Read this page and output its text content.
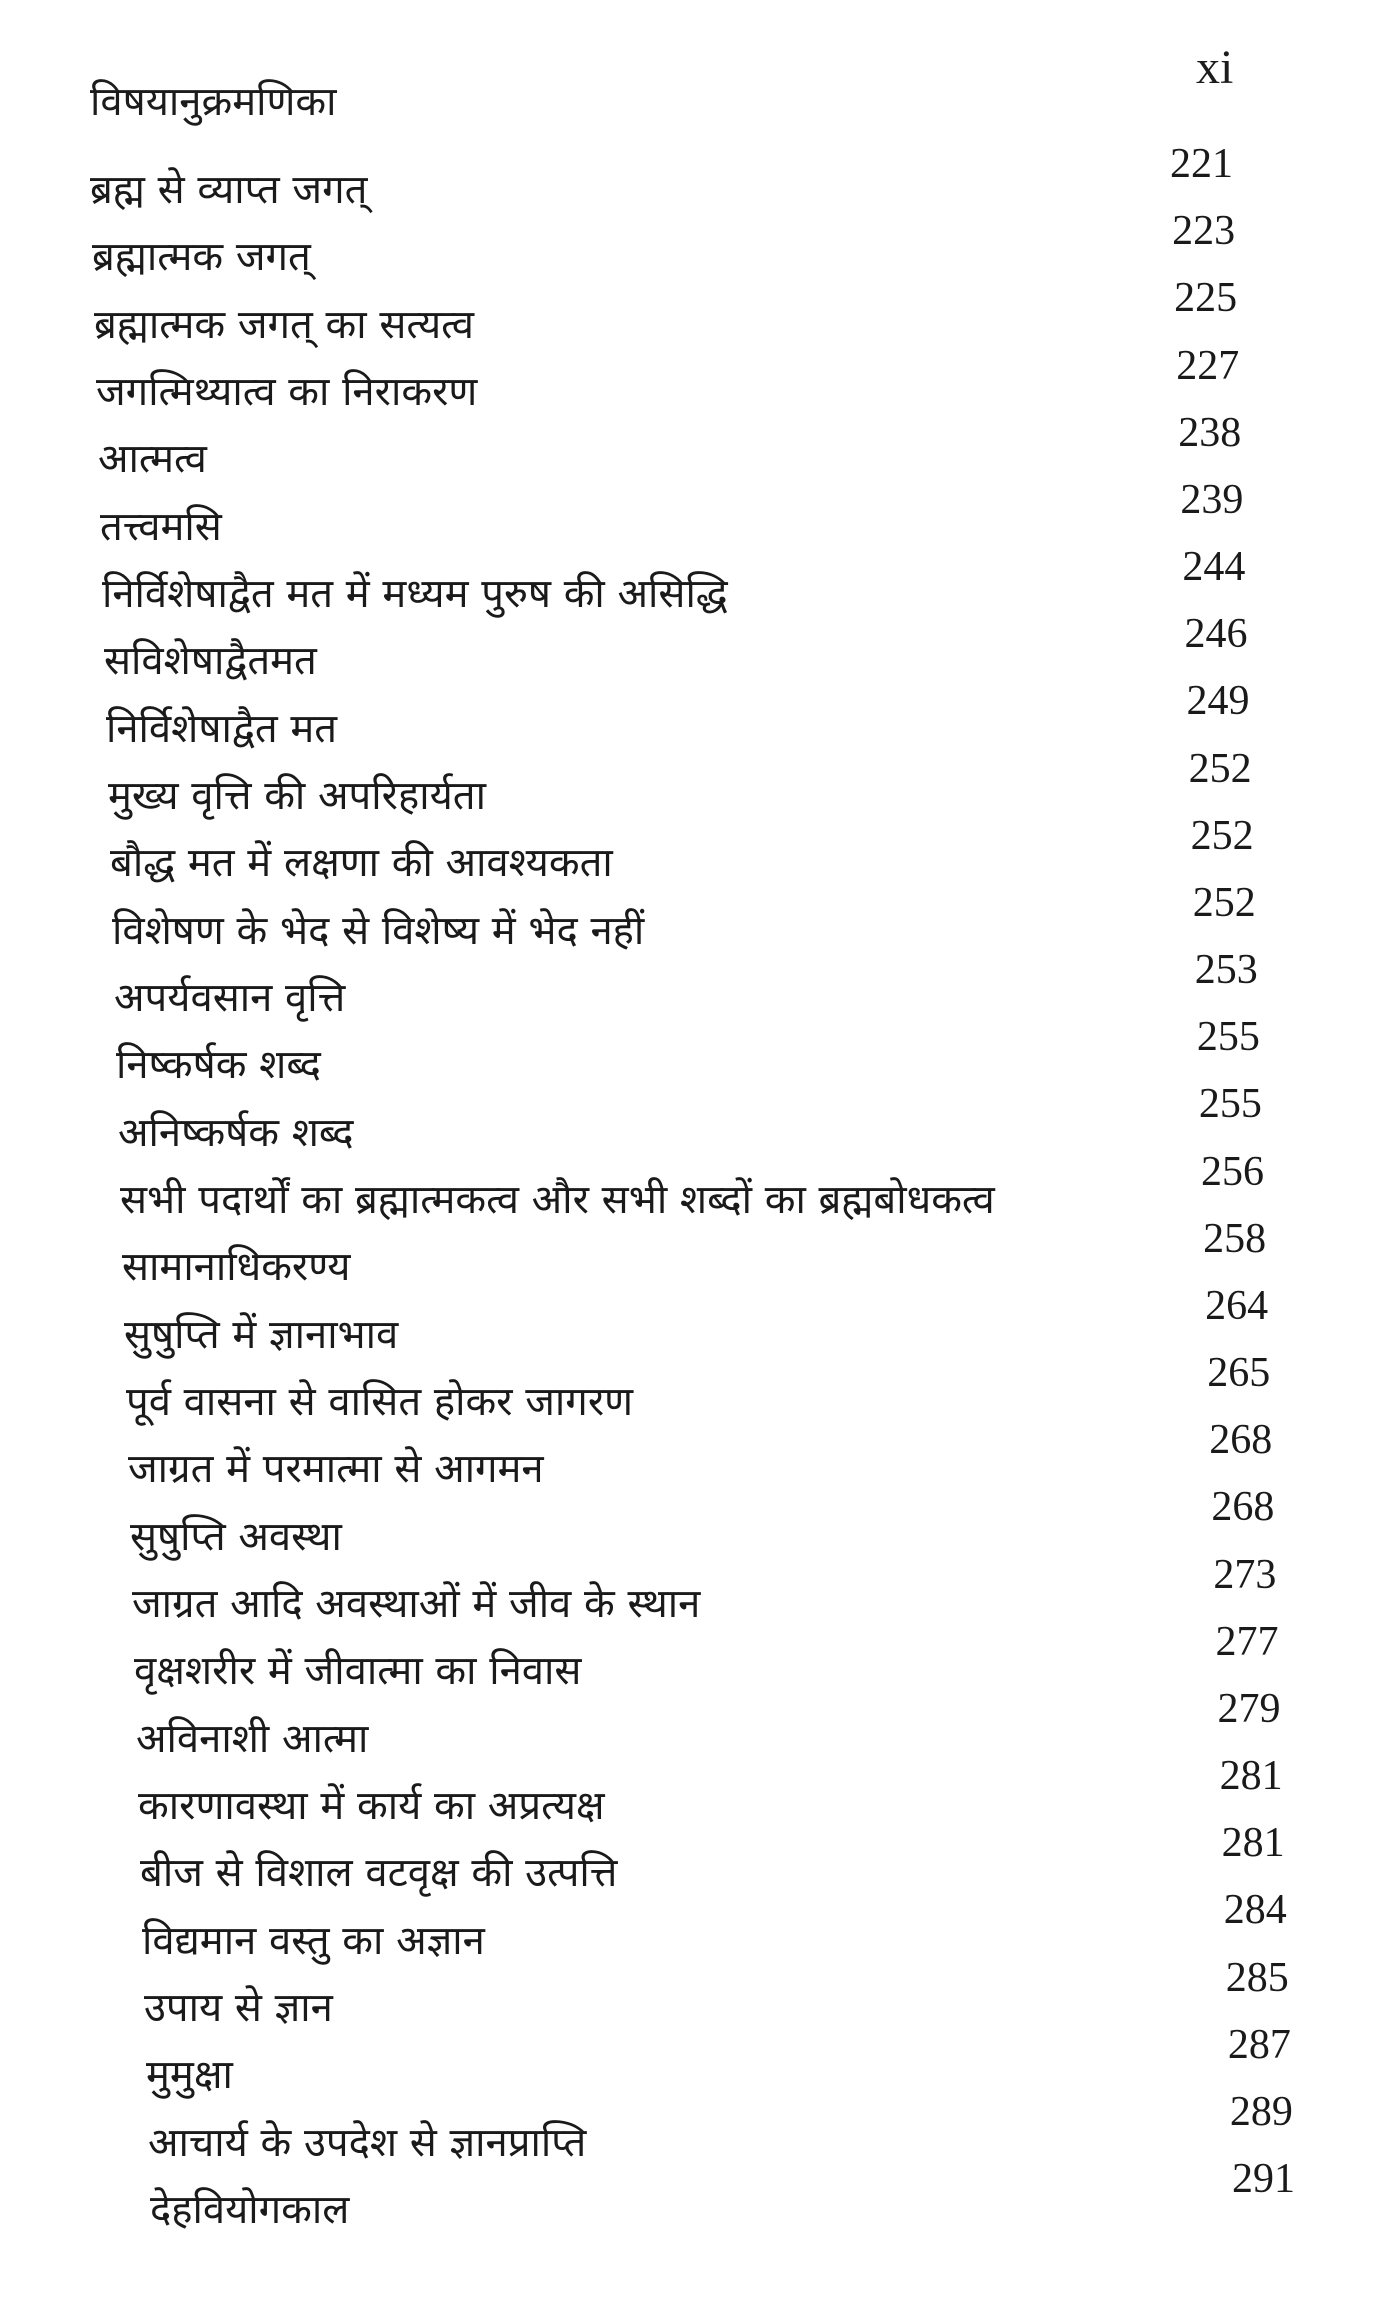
विषयानुक्रमणिका
xi
ब्रह्म से व्याप्त जगत्
221
ब्रह्मात्मक जगत्
223
ब्रह्मात्मक जगत् का सत्यत्व
225
जगत्मिथ्यात्व का निराकरण
227
आत्मत्व
238
तत्त्वमसि
239
निर्विशेषाद्वैत मत में मध्यम पुरुष की असिद्धि
244
सविशेषाद्वैतमत
246
निर्विशेषाद्वैत मत
249
मुख्य वृत्ति की अपरिहार्यता
252
बौद्ध मत में लक्षणा की आवश्यकता
252
विशेषण के भेद से विशेष्य में भेद नहीं
252
अपर्यवसान वृत्ति
253
निष्कर्षक शब्द
255
अनिष्कर्षक शब्द
255
सभी पदार्थों का ब्रह्मात्मकत्व और सभी शब्दों का ब्रह्मबोधकत्व
256
सामानाधिकरण्य
258
सुषुप्ति में ज्ञानाभाव
264
पूर्व वासना से वासित होकर जागरण
265
जाग्रत में परमात्मा से आगमन
268
सुषुप्ति अवस्था
268
जाग्रत आदि अवस्थाओं में जीव के स्थान
273
वृक्षशरीर में जीवात्मा का निवास
277
अविनाशी आत्मा
279
कारणावस्था में कार्य का अप्रत्यक्ष
281
बीज से विशाल वटवृक्ष की उत्पत्ति
281
विद्यमान वस्तु का अज्ञान
284
उपाय से ज्ञान
285
मुमुक्षा
287
आचार्य के उपदेश से ज्ञानप्राप्ति
289
देहवियोगकाल
291
